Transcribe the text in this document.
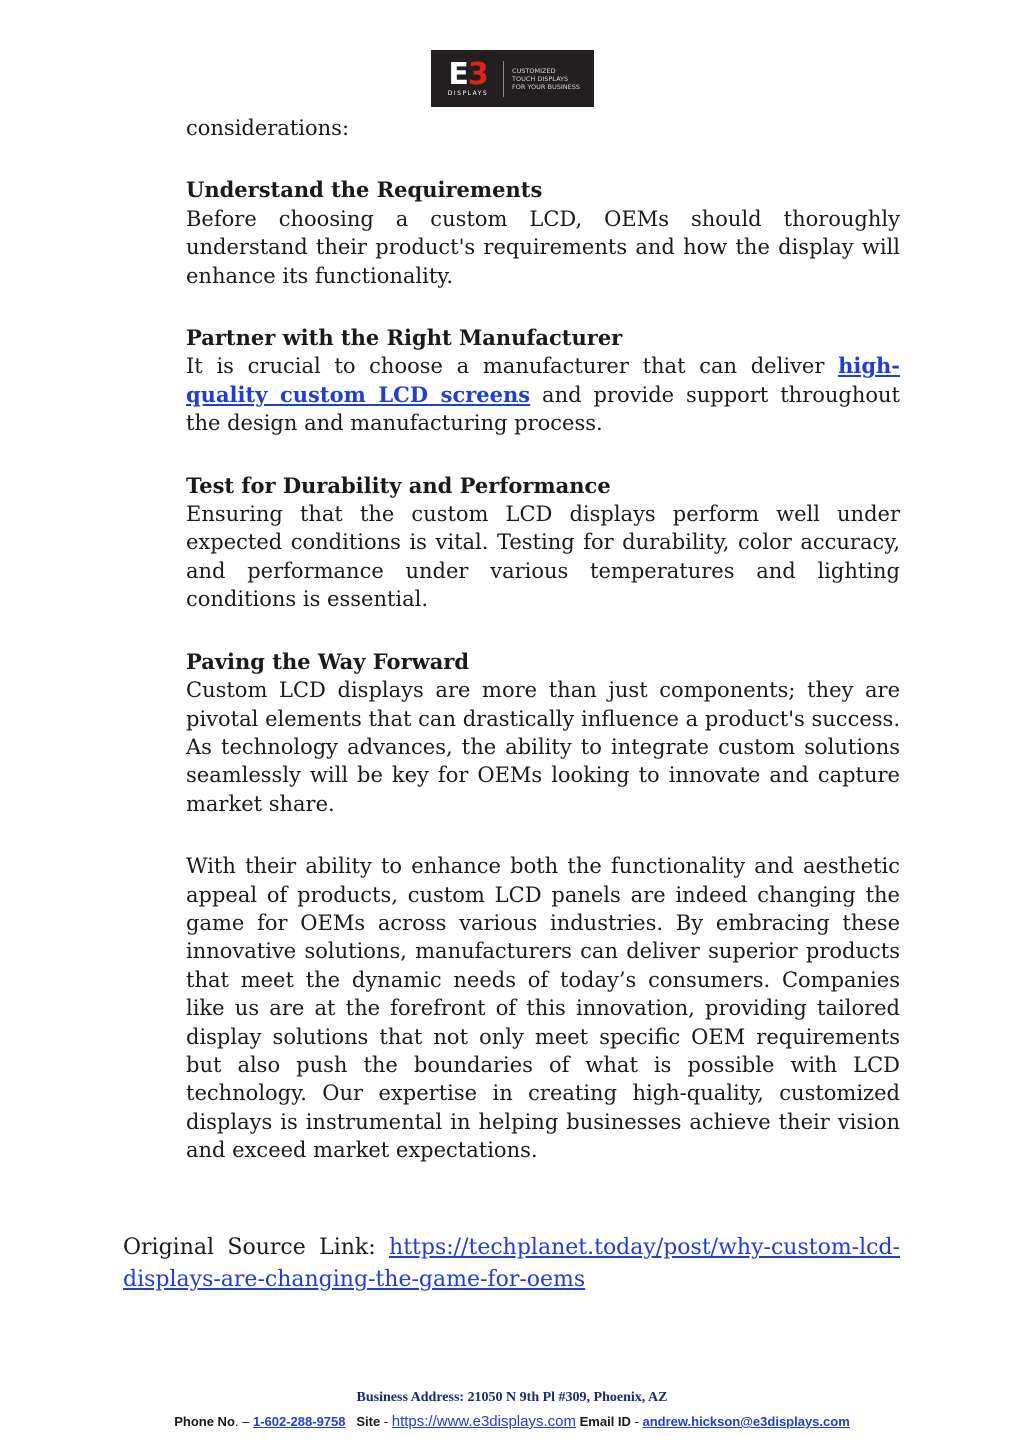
E3
DISPLAYS
CUSTOMIZED
TOUCH DISPLAYS
FOR YOUR BUSINESS

considerations:

Understand the Requirements

Before choosing a custom LCD, OEMs should thoroughly understand their product's requirements and how the display will enhance its functionality.

Partner with the Right Manufacturer

It is crucial to choose a manufacturer that can deliver high-quality custom LCD screens and provide support throughout the design and manufacturing process.

Test for Durability and Performance

Ensuring that the custom LCD displays perform well under expected conditions is vital. Testing for durability, color accuracy, and performance under various temperatures and lighting conditions is essential.

Paving the Way Forward

Custom LCD displays are more than just components; they are pivotal elements that can drastically influence a product's success. As technology advances, the ability to integrate custom solutions seamlessly will be key for OEMs looking to innovate and capture market share.

With their ability to enhance both the functionality and aesthetic appeal of products, custom LCD panels are indeed changing the game for OEMs across various industries. By embracing these innovative solutions, manufacturers can deliver superior products that meet the dynamic needs of today’s consumers. Companies like us are at the forefront of this innovation, providing tailored display solutions that not only meet specific OEM requirements but also push the boundaries of what is possible with LCD technology. Our expertise in creating high-quality, customized displays is instrumental in helping businesses achieve their vision and exceed market expectations.

Original Source Link: https://techplanet.today/post/why-custom-lcd-displays-are-changing-the-game-for-oems
Business Address: 21050 N 9th Pl #309, Phoenix, AZ
Phone No. – 1-602-288-9758 Site - https://www.e3displays.com Email ID - andrew.hickson@e3displays.com
